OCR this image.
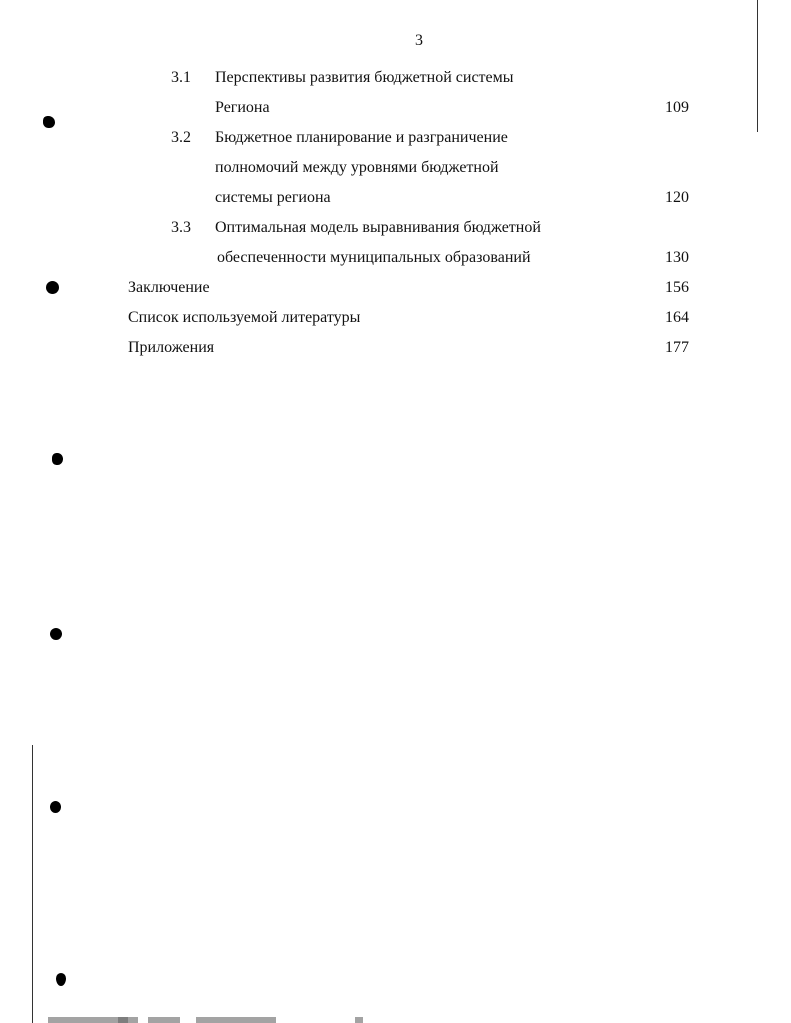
3
3.1 Перспективы развития бюджетной системы
Региона	109
3.2 Бюджетное планирование и разграничение
полномочий между уровнями бюджетной
системы региона	120
3.3 Оптимальная модель выравнивания бюджетной
обеспеченности муниципальных образований	130
Заключение	156
Список используемой литературы	164
Приложения	177
